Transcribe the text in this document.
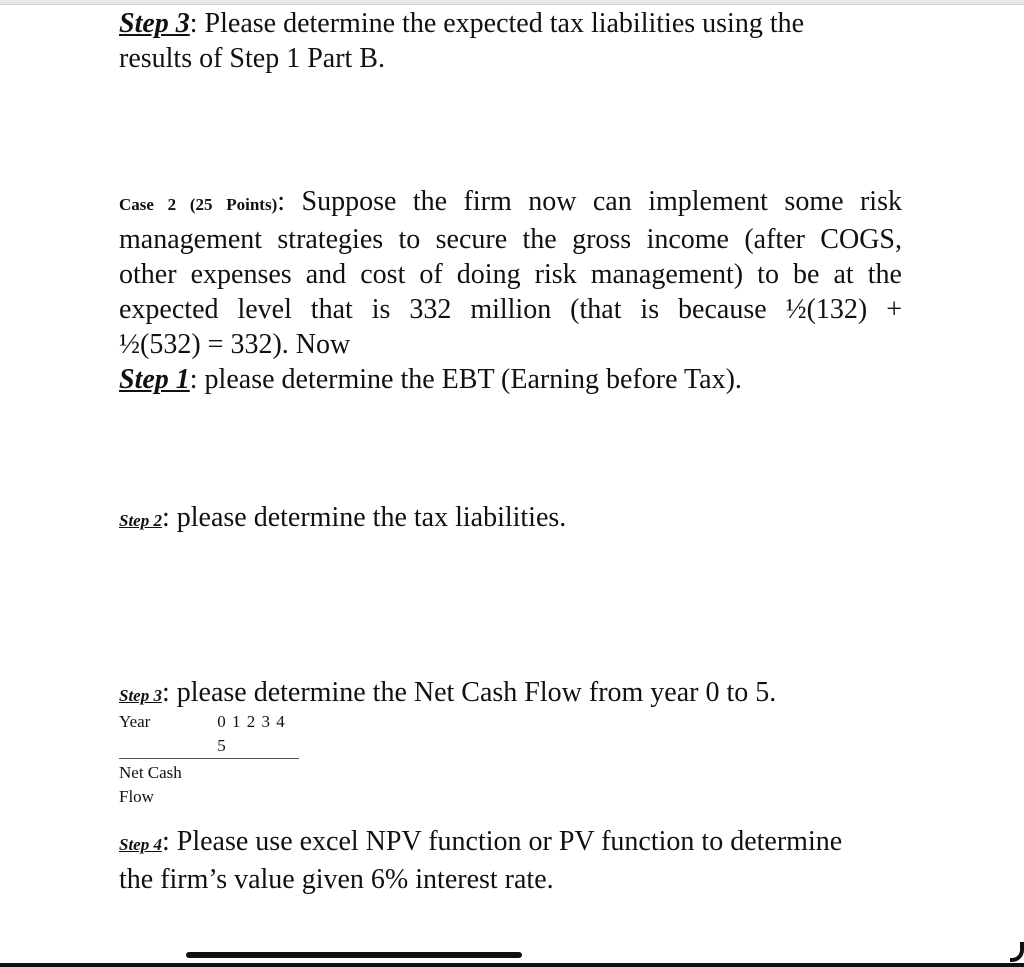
Step 3: Please determine the expected tax liabilities using the
results of Step 1 Part B.

Case 2 (25 Points): Suppose the firm now can implement some risk
management strategies to secure the gross income (after COGS,
other expenses and cost of doing risk management) to be at the
expected level that is 332 million (that is because ½(132) +
½(532) = 332). Now
Step 1: please determine the EBT (Earning before Tax).

Step 2: please determine the tax liabilities.

Step 3: please determine the Net Cash Flow from year 0 to 5.

Year	0 1 2 3 4 5
Net Cash
Flow

Step 4: Please use excel NPV function or PV function to determine
the firm’s value given 6% interest rate.
